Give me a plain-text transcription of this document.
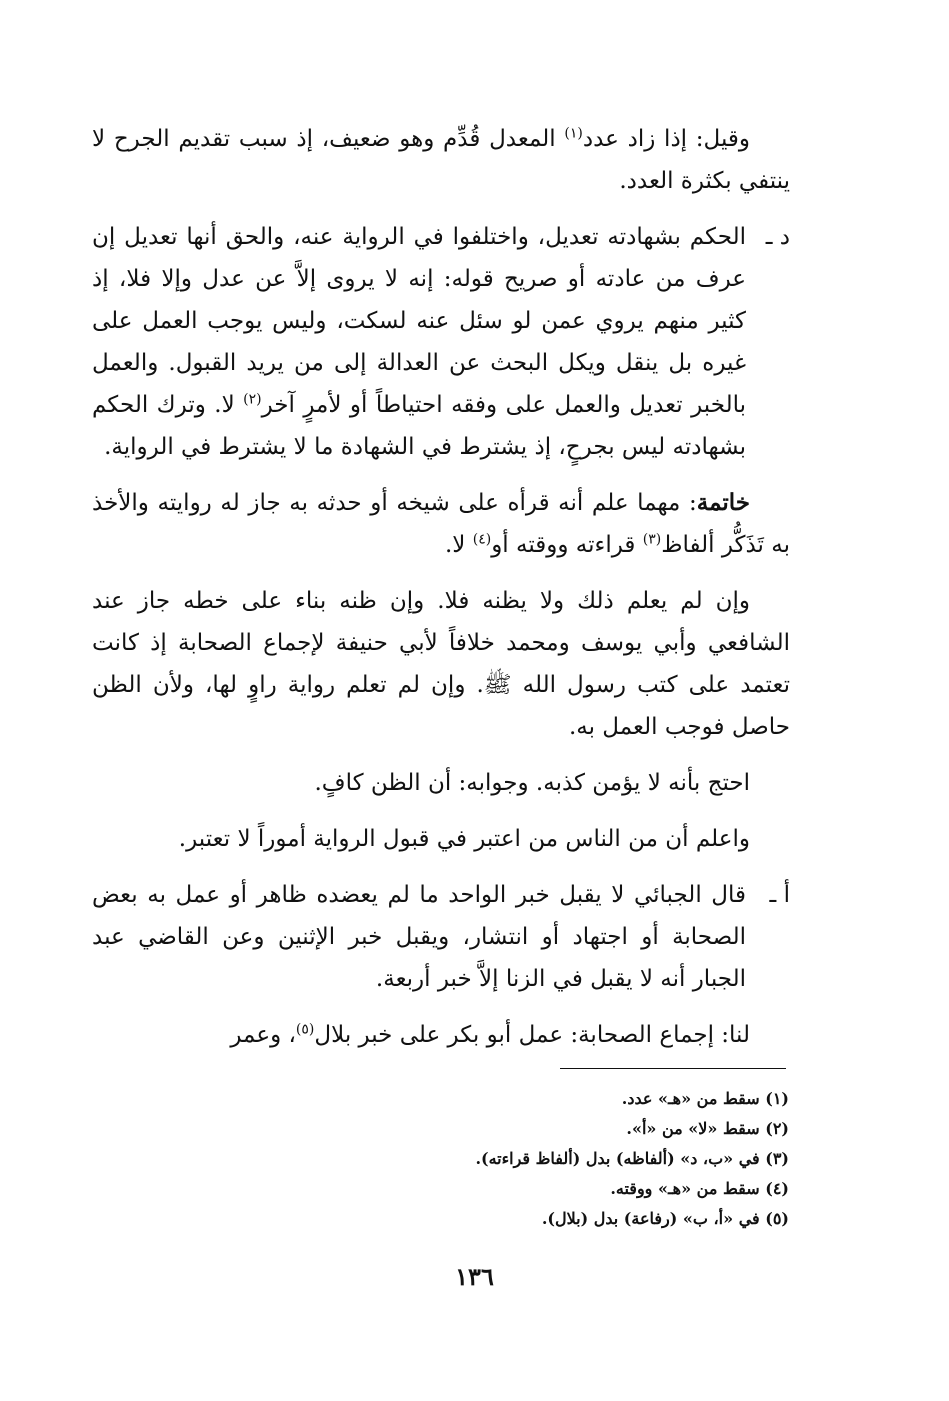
وقيل: إذا زاد عدد$^{(١)}$ المعدل قُدِّم وهو ضعيف، إذ سبب تقديم الجرح لا ينتفي بكثرة العدد.

د ـ
الحكم بشهادته تعديل، واختلفوا في الرواية عنه، والحق أنها تعديل إن عرف من عادته أو صريح قوله: إنه لا يروى إلاَّ عن عدل وإلا فلا، إذ كثير منهم يروي عمن لو سئل عنه لسكت، وليس يوجب العمل على غيره بل ينقل ويكل البحث عن العدالة إلى من يريد القبول. والعمل بالخبر تعديل والعمل على وفقه احتياطاً أو لأمرٍ آخر$^{(٢)}$ لا. وترك الحكم بشهادته ليس بجرحٍ، إذ يشترط في الشهادة ما لا يشترط في الرواية.

خاتمة: مهما علم أنه قرأه على شيخه أو حدثه به جاز له روايته والأخذ به تَذَكُّر ألفاظ$^{(٣)}$ قراءته ووقته أو$^{(٤)}$ لا.

وإن لم يعلم ذلك ولا يظنه فلا. وإن ظنه بناء على خطه جاز عند الشافعي وأبي يوسف ومحمد خلافاً لأبي حنيفة لإجماع الصحابة إذ كانت تعتمد على كتب رسول الله ﷺ. وإن لم تعلم رواية راوٍ لها، ولأن الظن حاصل فوجب العمل به.

احتج بأنه لا يؤمن كذبه. وجوابه: أن الظن كافٍ.

واعلم أن من الناس من اعتبر في قبول الرواية أموراً لا تعتبر.

أ ـ
قال الجبائي لا يقبل خبر الواحد ما لم يعضده ظاهر أو عمل به بعض الصحابة أو اجتهاد أو انتشار، ويقبل خبر الإثنين وعن القاضي عبد الجبار أنه لا يقبل في الزنا إلاَّ خبر أربعة.

لنا: إجماع الصحابة: عمل أبو بكر على خبر بلال$^{(٥)}$، وعمر

(١) سقط من «هـ» عدد.

(٢) سقط «لا» من «أ».

(٣) في «ب، د» (ألفاظه) بدل (ألفاظ قراءته).

(٤) سقط من «هـ» ووقته.

(٥) في «أ، ب» (رفاعة) بدل (بلال).

١٣٦
